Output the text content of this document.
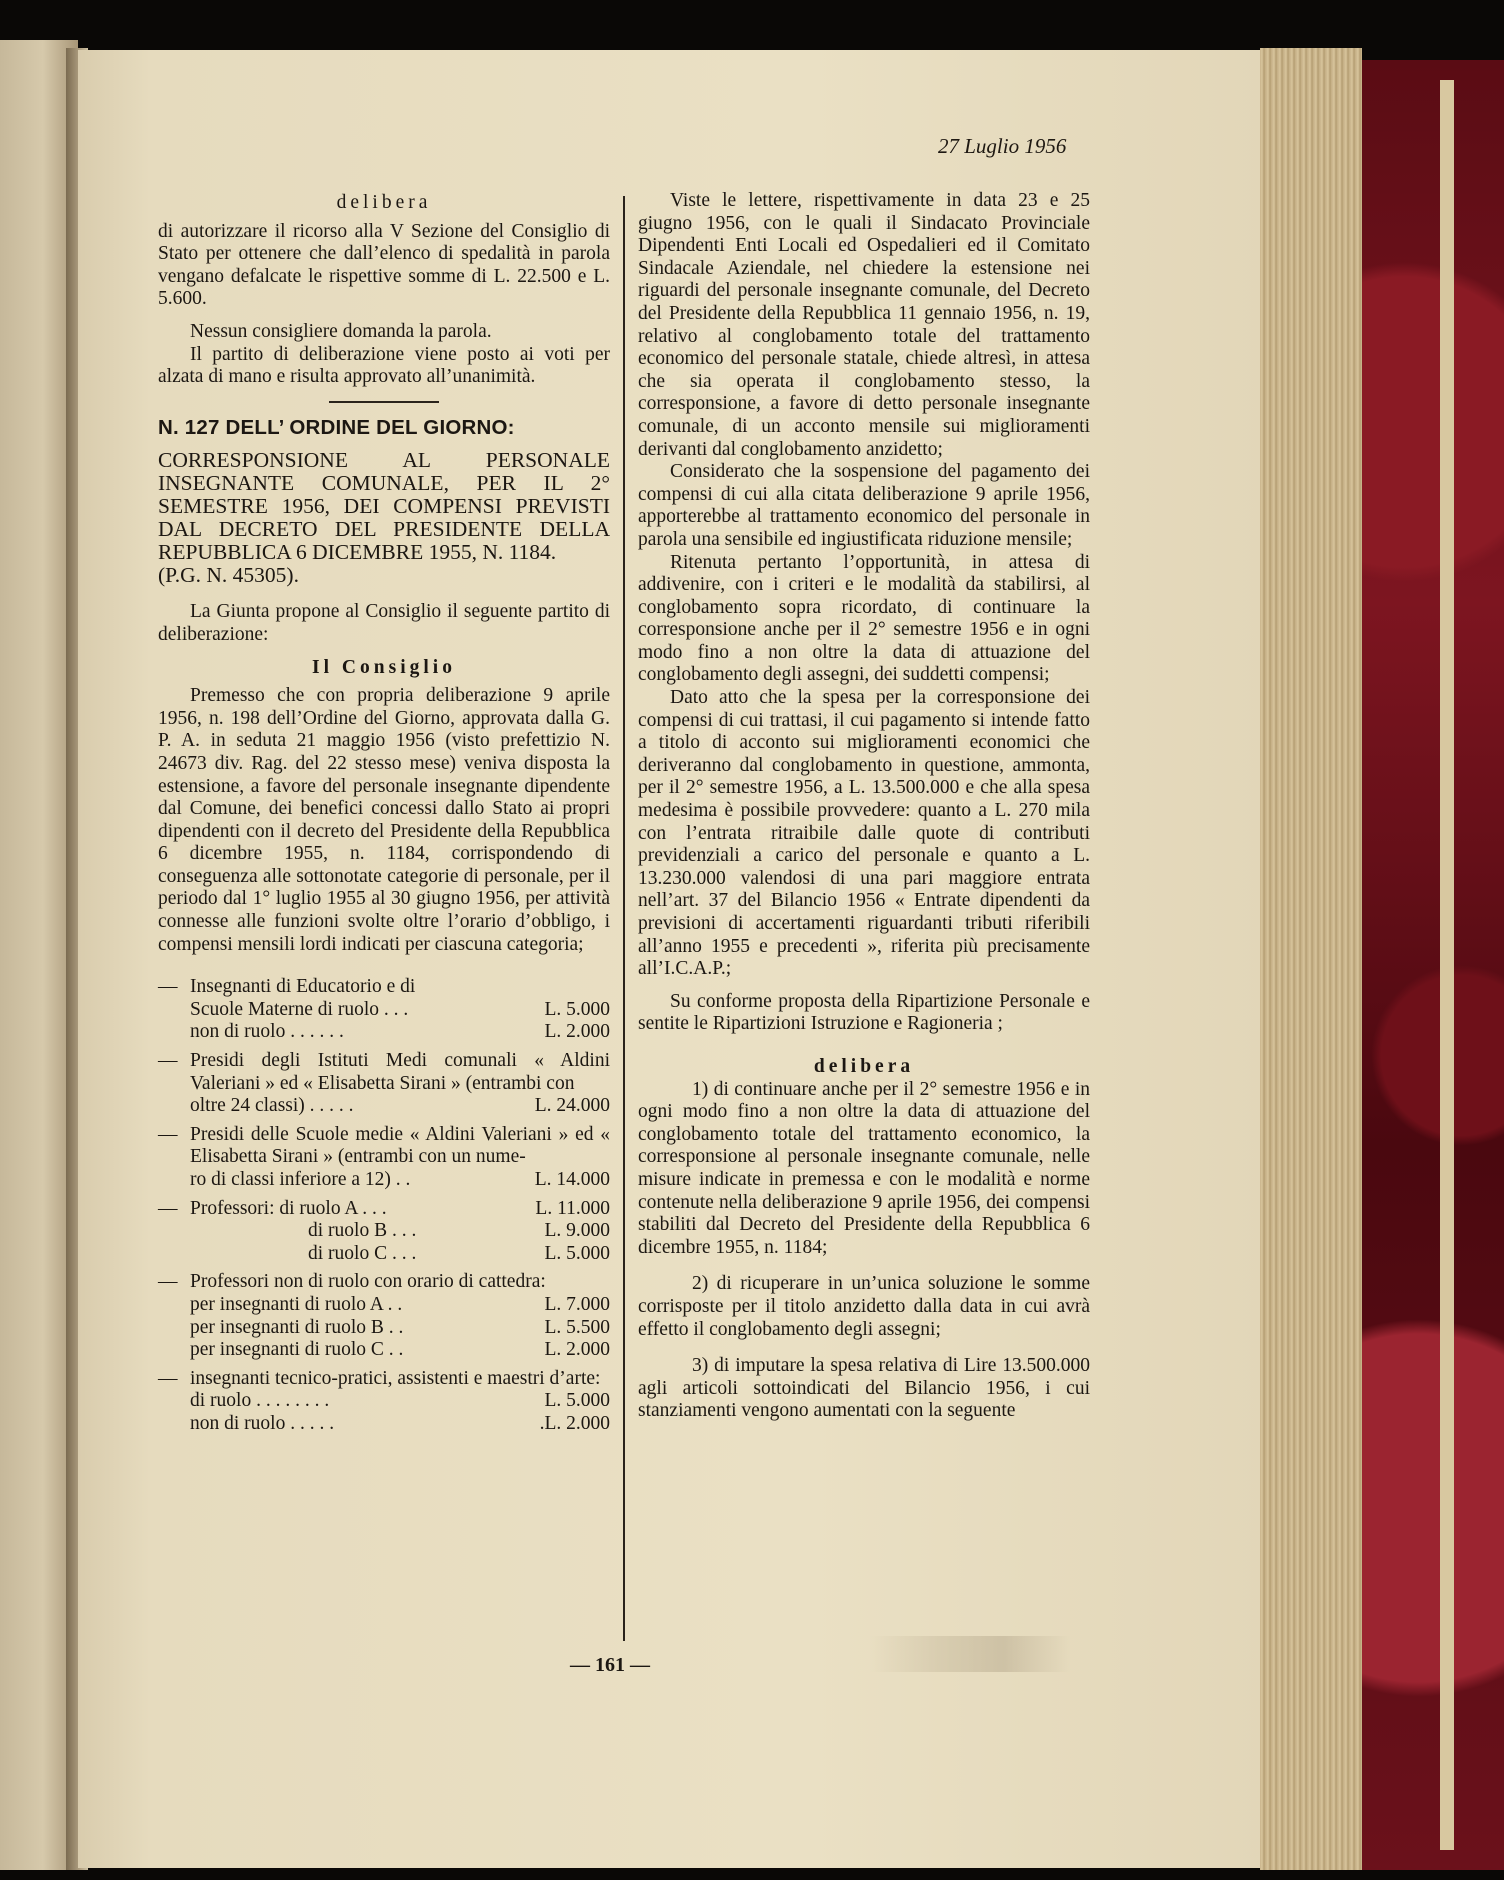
27 Luglio 1956

delibera

di autorizzare il ricorso alla V Sezione del Consiglio di Stato per ottenere che dall’elenco di spedalità in parola vengano defalcate le rispettive somme di L. 22.500 e L. 5.600.

Nessun consigliere domanda la parola.

Il partito di deliberazione viene posto ai voti per alzata di mano e risulta approvato all’unanimità.

N. 127 DELL’ ORDINE DEL GIORNO:

CORRESPONSIONE AL PERSONALE INSEGNANTE COMUNALE, PER IL 2° SEMESTRE 1956, DEI COMPENSI PREVISTI DAL DECRETO DEL PRESIDENTE DELLA REPUBBLICA 6 DICEMBRE 1955, N. 1184.

(P.G. N. 45305).

La Giunta propone al Consiglio il seguente partito di deliberazione:

Il Consiglio

Premesso che con propria deliberazione 9 aprile 1956, n. 198 dell’Ordine del Giorno, approvata dalla G. P. A. in seduta 21 maggio 1956 (visto prefettizio N. 24673 div. Rag. del 22 stesso mese) veniva disposta la estensione, a favore del personale insegnante dipendente dal Comune, dei benefici concessi dallo Stato ai propri dipendenti con il decreto del Presidente della Repubblica 6 dicembre 1955, n. 1184, corrispondendo di conseguenza alle sottonotate categorie di personale, per il periodo dal 1° luglio 1955 al 30 giugno 1956, per attività connesse alle funzioni svolte oltre l’orario d’obbligo, i compensi mensili lordi indicati per ciascuna categoria;

— Insegnanti di Educatorio e di

Scuole Materne di ruolo . . .	L. 5.000
non di ruolo . . . . . .	L. 2.000
— Presidi degli Istituti Medi comunali « Aldini Valeriani » ed « Elisabetta Sirani » (entrambi con

oltre 24 classi) . . . . .	L. 24.000
— Presidi delle Scuole medie « Aldini Valeriani » ed « Elisabetta Sirani » (entrambi con un nume-

ro di classi inferiore a 12) . .	L. 14.000
— Professori: di ruolo A . . .	L. 11.000
di ruolo B . . .	L. 9.000
di ruolo C . . .	L. 5.000
— Professori non di ruolo con orario di cattedra:

per insegnanti di ruolo A . .	L. 7.000
per insegnanti di ruolo B . .	L. 5.500
per insegnanti di ruolo C . .	L. 2.000
— insegnanti tecnico-pratici, assistenti e maestri d’arte:

di ruolo . . . . . . . .	L. 5.000
non di ruolo . . . . .	.L. 2.000

Viste le lettere, rispettivamente in data 23 e 25 giugno 1956, con le quali il Sindacato Provinciale Dipendenti Enti Locali ed Ospedalieri ed il Comitato Sindacale Aziendale, nel chiedere la estensione nei riguardi del personale insegnante comunale, del Decreto del Presidente della Repubblica 11 gennaio 1956, n. 19, relativo al conglobamento totale del trattamento economico del personale statale, chiede altresì, in attesa che sia operata il conglobamento stesso, la corresponsione, a favore di detto personale insegnante comunale, di un acconto mensile sui miglioramenti derivanti dal conglobamento anzidetto;

Considerato che la sospensione del pagamento dei compensi di cui alla citata deliberazione 9 aprile 1956, apporterebbe al trattamento economico del personale in parola una sensibile ed ingiustificata riduzione mensile;

Ritenuta pertanto l’opportunità, in attesa di addivenire, con i criteri e le modalità da stabilirsi, al conglobamento sopra ricordato, di continuare la corresponsione anche per il 2° semestre 1956 e in ogni modo fino a non oltre la data di attuazione del conglobamento degli assegni, dei suddetti compensi;

Dato atto che la spesa per la corresponsione dei compensi di cui trattasi, il cui pagamento si intende fatto a titolo di acconto sui miglioramenti economici che deriveranno dal conglobamento in questione, ammonta, per il 2° semestre 1956, a L. 13.500.000 e che alla spesa medesima è possibile provvedere: quanto a L. 270 mila con l’entrata ritraibile dalle quote di contributi previdenziali a carico del personale e quanto a L. 13.230.000 valendosi di una pari maggiore entrata nell’art. 37 del Bilancio 1956 « Entrate dipendenti da previsioni di accertamenti riguardanti tributi riferibili all’anno 1955 e precedenti », riferita più precisamente all’I.C.A.P.;

Su conforme proposta della Ripartizione Personale e sentite le Ripartizioni Istruzione e Ragioneria ;

delibera

1) di continuare anche per il 2° semestre 1956 e in ogni modo fino a non oltre la data di attuazione del conglobamento totale del trattamento economico, la corresponsione al personale insegnante comunale, nelle misure indicate in premessa e con le modalità e norme contenute nella deliberazione 9 aprile 1956, dei compensi stabiliti dal Decreto del Presidente della Repubblica 6 dicembre 1955, n. 1184;

2) di ricuperare in un’unica soluzione le somme corrisposte per il titolo anzidetto dalla data in cui avrà effetto il conglobamento degli assegni;

3) di imputare la spesa relativa di Lire 13.500.000 agli articoli sottoindicati del Bilancio 1956, i cui stanziamenti vengono aumentati con la seguente

— 161 —
